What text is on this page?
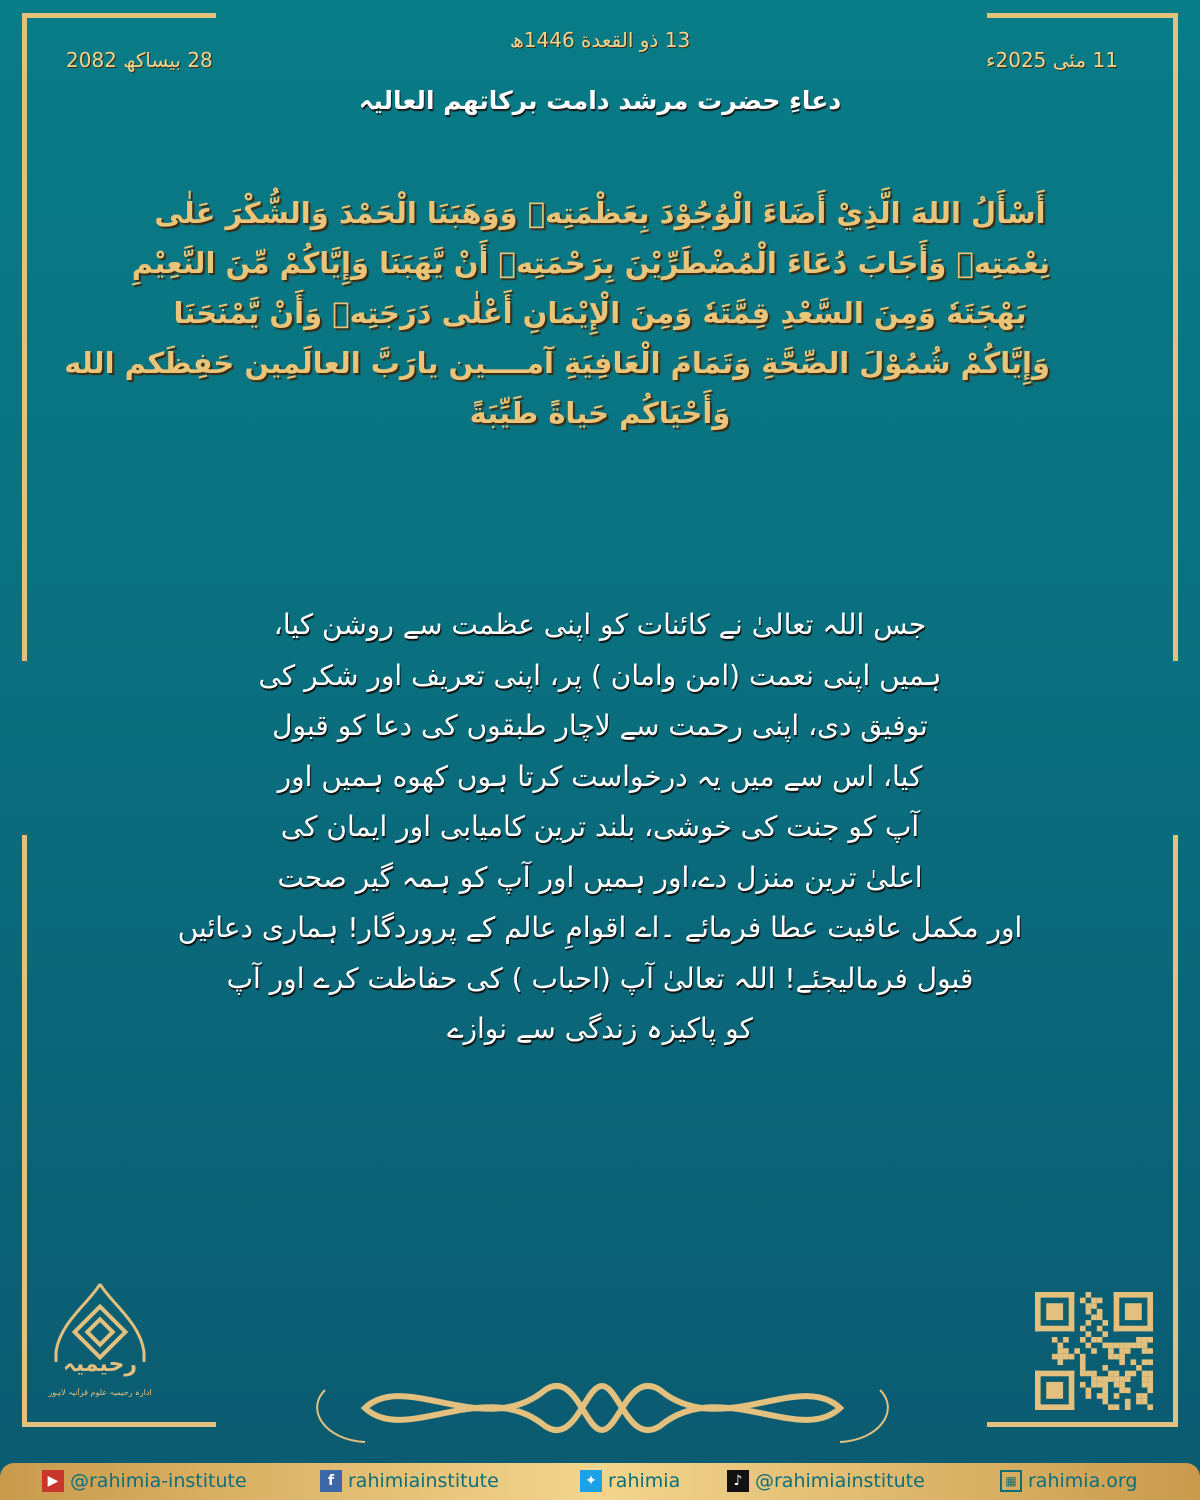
13 ذو القعدة 1446ھ
11 مئی 2025ء
28 بیساکھ 2082
دعاءِ حضرت مرشد دامت برکاتھم العالیہ
أَسْأَلُ اللهَ الَّذِيْ أَضَاءَ الْوُجُوْدَ بِعَظْمَتِهٖ وَوَهَبَنَا الْحَمْدَ وَالشُّكْرَ عَلٰى
نِعْمَتِهٖ وَأَجَابَ دُعَاءَ الْمُضْطَرِّيْنَ بِرَحْمَتِهٖ أَنْ يَّهَبَنَا وَإِيَّاكُمْ مِّنَ النَّعِيْمِ
بَهْجَتَهٗ وَمِنَ السَّعْدِ قِمَّتَهٗ وَمِنَ الْإِيْمَانِ أَعْلٰى دَرَجَتِهٖ وَأَنْ يَّمْنَحَنَا
وَإِيَّاكُمْ شُمُوْلَ الصِّحَّةِ وَتَمَامَ الْعَافِيَةِ آمــــين يارَبَّ العالَمِين حَفِظَكم الله
وَأَحْيَاكُم حَياةً طَيِّبَةً
جس اللہ تعالیٰ نے کائنات کو اپنی عظمت سے روشن کیا،
ہمیں اپنی نعمت (امن وامان ) پر، اپنی تعریف اور شکر کی
توفیق دی، اپنی رحمت سے لاچار طبقوں کی دعا کو قبول
کیا، اس سے میں یہ درخواست کرتا ہوں کهوه ہمیں اور
آپ کو جنت کی خوشی، بلند ترین کامیابی اور ایمان کی
اعلیٰ ترین منزل دے،اور ہمیں اور آپ کو ہمہ گیر صحت
اور مکمل عافیت عطا فرمائے ۔اے اقوامِ عالم کے پروردگار! ہماری دعائیں
قبول فرمالیجئے! اللہ تعالیٰ آپ (احباب ) کی حفاظت کرے اور آپ
کو پاکیزہ زندگی سے نوازے
رحیمیہ
ادارہ رحیمیہ علوم قرآنیہ لاہور
▶ @rahimia-institute	f rahimiainstitute	✦ rahimia	♪ @rahimiainstitute	▦ rahimia.org
